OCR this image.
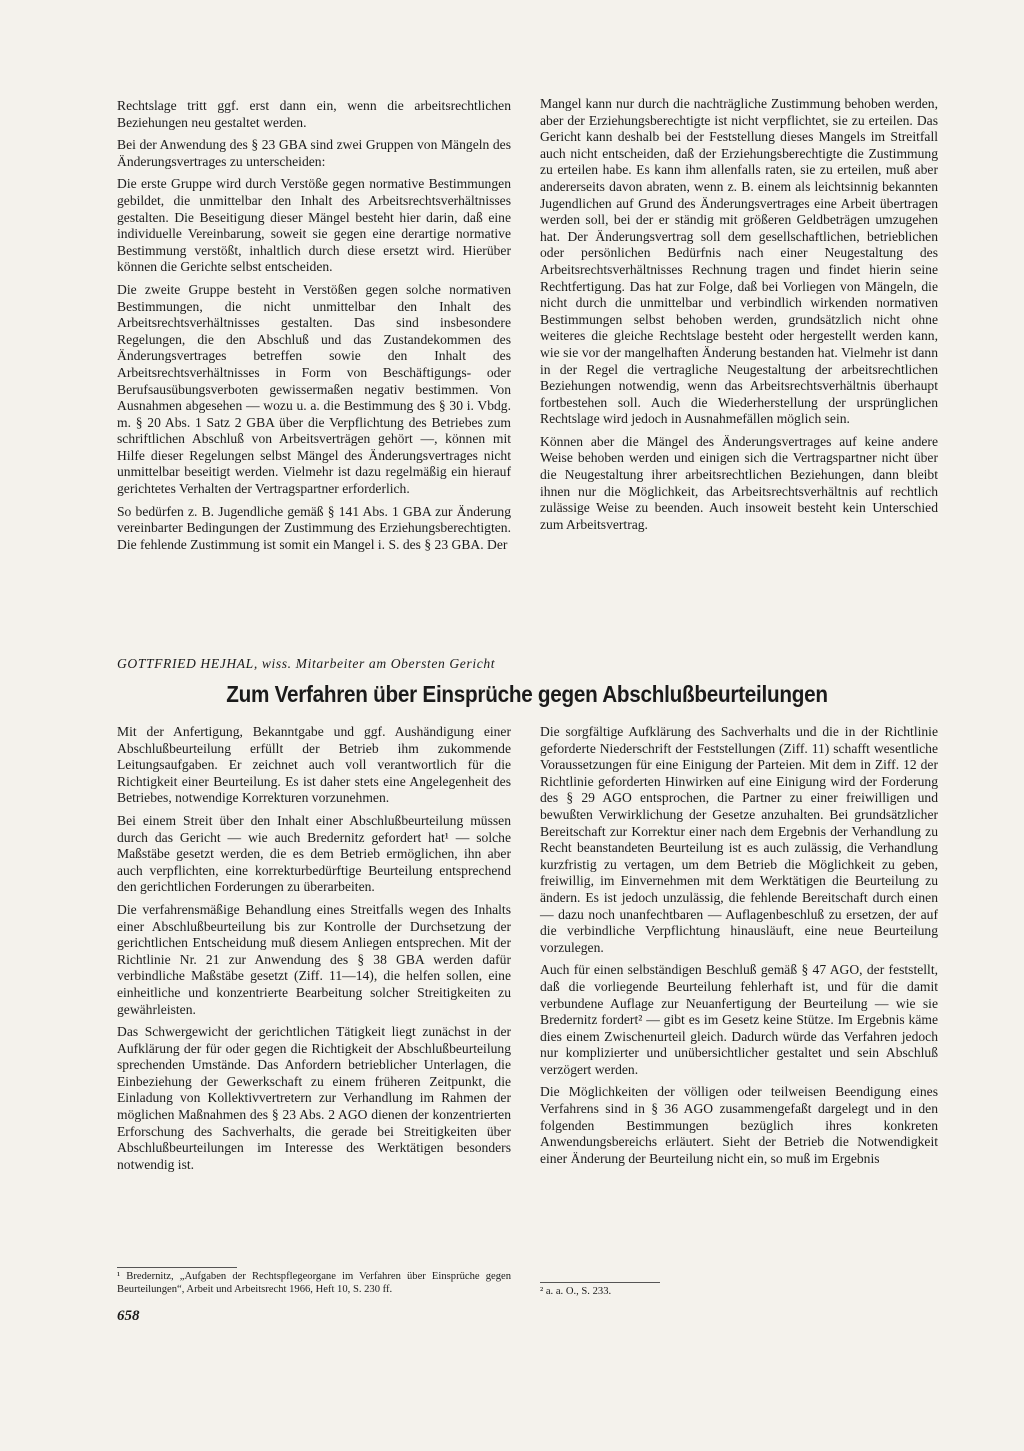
Rechtslage tritt ggf. erst dann ein, wenn die arbeitsrechtlichen Beziehungen neu gestaltet werden.

Bei der Anwendung des § 23 GBA sind zwei Gruppen von Mängeln des Änderungsvertrages zu unterscheiden:

Die erste Gruppe wird durch Verstöße gegen normative Bestimmungen gebildet, die unmittelbar den Inhalt des Arbeitsrechtsverhältnisses gestalten. Die Beseitigung dieser Mängel besteht hier darin, daß eine individuelle Vereinbarung, soweit sie gegen eine derartige normative Bestimmung verstößt, inhaltlich durch diese ersetzt wird. Hierüber können die Gerichte selbst entscheiden.

Die zweite Gruppe besteht in Verstößen gegen solche normativen Bestimmungen, die nicht unmittelbar den Inhalt des Arbeitsrechtsverhältnisses gestalten. Das sind insbesondere Regelungen, die den Abschluß und das Zustandekommen des Änderungsvertrages betreffen sowie den Inhalt des Arbeitsrechtsverhältnisses in Form von Beschäftigungs- oder Berufsausübungsverboten gewissermaßen negativ bestimmen. Von Ausnahmen abgesehen — wozu u. a. die Bestimmung des § 30 i. Vbdg. m. § 20 Abs. 1 Satz 2 GBA über die Verpflichtung des Betriebes zum schriftlichen Abschluß von Arbeitsverträgen gehört —, können mit Hilfe dieser Regelungen selbst Mängel des Änderungsvertrages nicht unmittelbar beseitigt werden. Vielmehr ist dazu regelmäßig ein hierauf gerichtetes Verhalten der Vertragspartner erforderlich.

So bedürfen z. B. Jugendliche gemäß § 141 Abs. 1 GBA zur Änderung vereinbarter Bedingungen der Zustimmung des Erziehungsberechtigten. Die fehlende Zustimmung ist somit ein Mangel i. S. des § 23 GBA. Der

Mangel kann nur durch die nachträgliche Zustimmung behoben werden, aber der Erziehungsberechtigte ist nicht verpflichtet, sie zu erteilen. Das Gericht kann deshalb bei der Feststellung dieses Mangels im Streitfall auch nicht entscheiden, daß der Erziehungsberechtigte die Zustimmung zu erteilen habe. Es kann ihm allenfalls raten, sie zu erteilen, muß aber andererseits davon abraten, wenn z. B. einem als leichtsinnig bekannten Jugendlichen auf Grund des Änderungsvertrages eine Arbeit übertragen werden soll, bei der er ständig mit größeren Geldbeträgen umzugehen hat. Der Änderungsvertrag soll dem gesellschaftlichen, betrieblichen oder persönlichen Bedürfnis nach einer Neugestaltung des Arbeitsrechtsverhältnisses Rechnung tragen und findet hierin seine Rechtfertigung. Das hat zur Folge, daß bei Vorliegen von Mängeln, die nicht durch die unmittelbar und verbindlich wirkenden normativen Bestimmungen selbst behoben werden, grundsätzlich nicht ohne weiteres die gleiche Rechtslage besteht oder hergestellt werden kann, wie sie vor der mangelhaften Änderung bestanden hat. Vielmehr ist dann in der Regel die vertragliche Neugestaltung der arbeitsrechtlichen Beziehungen notwendig, wenn das Arbeitsrechtsverhältnis überhaupt fortbestehen soll. Auch die Wiederherstellung der ursprünglichen Rechtslage wird jedoch in Ausnahmefällen möglich sein.

Können aber die Mängel des Änderungsvertrages auf keine andere Weise behoben werden und einigen sich die Vertragspartner nicht über die Neugestaltung ihrer arbeitsrechtlichen Beziehungen, dann bleibt ihnen nur die Möglichkeit, das Arbeitsrechtsverhältnis auf rechtlich zulässige Weise zu beenden. Auch insoweit besteht kein Unterschied zum Arbeitsvertrag.

GOTTFRIED HEJHAL, wiss. Mitarbeiter am Obersten Gericht
Zum Verfahren über Einsprüche gegen Abschlußbeurteilungen

Mit der Anfertigung, Bekanntgabe und ggf. Aushändigung einer Abschlußbeurteilung erfüllt der Betrieb ihm zukommende Leitungsaufgaben. Er zeichnet auch voll verantwortlich für die Richtigkeit einer Beurteilung. Es ist daher stets eine Angelegenheit des Betriebes, notwendige Korrekturen vorzunehmen.

Bei einem Streit über den Inhalt einer Abschlußbeurteilung müssen durch das Gericht — wie auch Bredernitz gefordert hat¹ — solche Maßstäbe gesetzt werden, die es dem Betrieb ermöglichen, ihn aber auch verpflichten, eine korrekturbedürftige Beurteilung entsprechend den gerichtlichen Forderungen zu überarbeiten.

Die verfahrensmäßige Behandlung eines Streitfalls wegen des Inhalts einer Abschlußbeurteilung bis zur Kontrolle der Durchsetzung der gerichtlichen Entscheidung muß diesem Anliegen entsprechen. Mit der Richtlinie Nr. 21 zur Anwendung des § 38 GBA werden dafür verbindliche Maßstäbe gesetzt (Ziff. 11—14), die helfen sollen, eine einheitliche und konzentrierte Bearbeitung solcher Streitigkeiten zu gewährleisten.

Das Schwergewicht der gerichtlichen Tätigkeit liegt zunächst in der Aufklärung der für oder gegen die Richtigkeit der Abschlußbeurteilung sprechenden Umstände. Das Anfordern betrieblicher Unterlagen, die Einbeziehung der Gewerkschaft zu einem früheren Zeitpunkt, die Einladung von Kollektivvertretern zur Verhandlung im Rahmen der möglichen Maßnahmen des § 23 Abs. 2 AGO dienen der konzentrierten Erforschung des Sachverhalts, die gerade bei Streitigkeiten über Abschlußbeurteilungen im Interesse des Werktätigen besonders notwendig ist.

Die sorgfältige Aufklärung des Sachverhalts und die in der Richtlinie geforderte Niederschrift der Feststellungen (Ziff. 11) schafft wesentliche Voraussetzungen für eine Einigung der Parteien. Mit dem in Ziff. 12 der Richtlinie geforderten Hinwirken auf eine Einigung wird der Forderung des § 29 AGO entsprochen, die Partner zu einer freiwilligen und bewußten Verwirklichung der Gesetze anzuhalten. Bei grundsätzlicher Bereitschaft zur Korrektur einer nach dem Ergebnis der Verhandlung zu Recht beanstandeten Beurteilung ist es auch zulässig, die Verhandlung kurzfristig zu vertagen, um dem Betrieb die Möglichkeit zu geben, freiwillig, im Einvernehmen mit dem Werktätigen die Beurteilung zu ändern. Es ist jedoch unzulässig, die fehlende Bereitschaft durch einen — dazu noch unanfechtbaren — Auflagenbeschluß zu ersetzen, der auf die verbindliche Verpflichtung hinausläuft, eine neue Beurteilung vorzulegen.

Auch für einen selbständigen Beschluß gemäß § 47 AGO, der feststellt, daß die vorliegende Beurteilung fehlerhaft ist, und für die damit verbundene Auflage zur Neuanfertigung der Beurteilung — wie sie Bredernitz fordert² — gibt es im Gesetz keine Stütze. Im Ergebnis käme dies einem Zwischenurteil gleich. Dadurch würde das Verfahren jedoch nur komplizierter und unübersichtlicher gestaltet und sein Abschluß verzögert werden.

Die Möglichkeiten der völligen oder teilweisen Beendigung eines Verfahrens sind in § 36 AGO zusammengefaßt dargelegt und in den folgenden Bestimmungen bezüglich ihres konkreten Anwendungsbereichs erläutert. Sieht der Betrieb die Notwendigkeit einer Änderung der Beurteilung nicht ein, so muß im Ergebnis

¹ Bredernitz, „Aufgaben der Rechtspflegeorgane im Verfahren über Einsprüche gegen Beurteilungen“, Arbeit und Arbeitsrecht 1966, Heft 10, S. 230 ff.	² a. a. O., S. 233.
658
